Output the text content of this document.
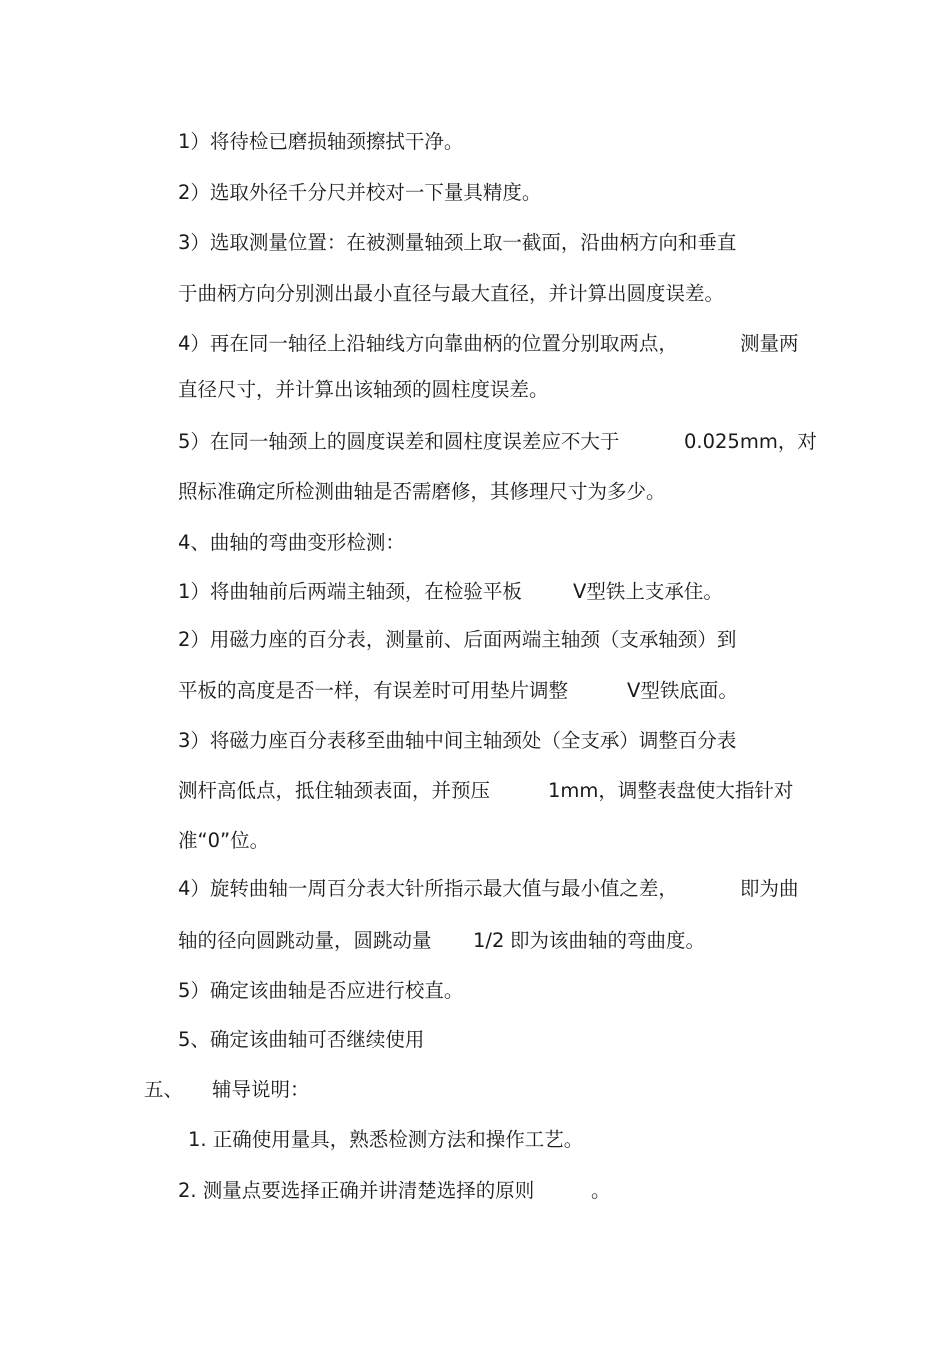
1）将待检已磨损轴颈擦拭干净。
2）选取外径千分尺并校对一下量具精度。
3）选取测量位置：在被测量轴颈上取一截面，沿曲柄方向和垂直
于曲柄方向分别测出最小直径与最大直径，并计算出圆度误差。
4）再在同一轴径上沿轴线方向靠曲柄的位置分别取两点，	测量两
直径尺寸，并计算出该轴颈的圆柱度误差。
5）在同一轴颈上的圆度误差和圆柱度误差应不大于	0.025mm，对
照标准确定所检测曲轴是否需磨修，其修理尺寸为多少。
4、曲轴的弯曲变形检测：
1）将曲轴前后两端主轴颈，在检验平板	V型铁上支承住。
2）用磁力座的百分表，测量前、后面两端主轴颈（支承轴颈）到
平板的高度是否一样，有误差时可用垫片调整	V型铁底面。
3）将磁力座百分表移至曲轴中间主轴颈处（全支承）调整百分表
测杆高低点，抵住轴颈表面，并预压	1mm，调整表盘使大指针对
准“0”位。
4）旋转曲轴一周百分表大针所指示最大值与最小值之差，	即为曲
轴的径向圆跳动量，圆跳动量 1/2 即为该曲轴的弯曲度。
5）确定该曲轴是否应进行校直。
5、确定该曲轴可否继续使用
五、 辅导说明：
1. 正确使用量具，熟悉检测方法和操作工艺。
2. 测量点要选择正确并讲清楚选择的原则	。
